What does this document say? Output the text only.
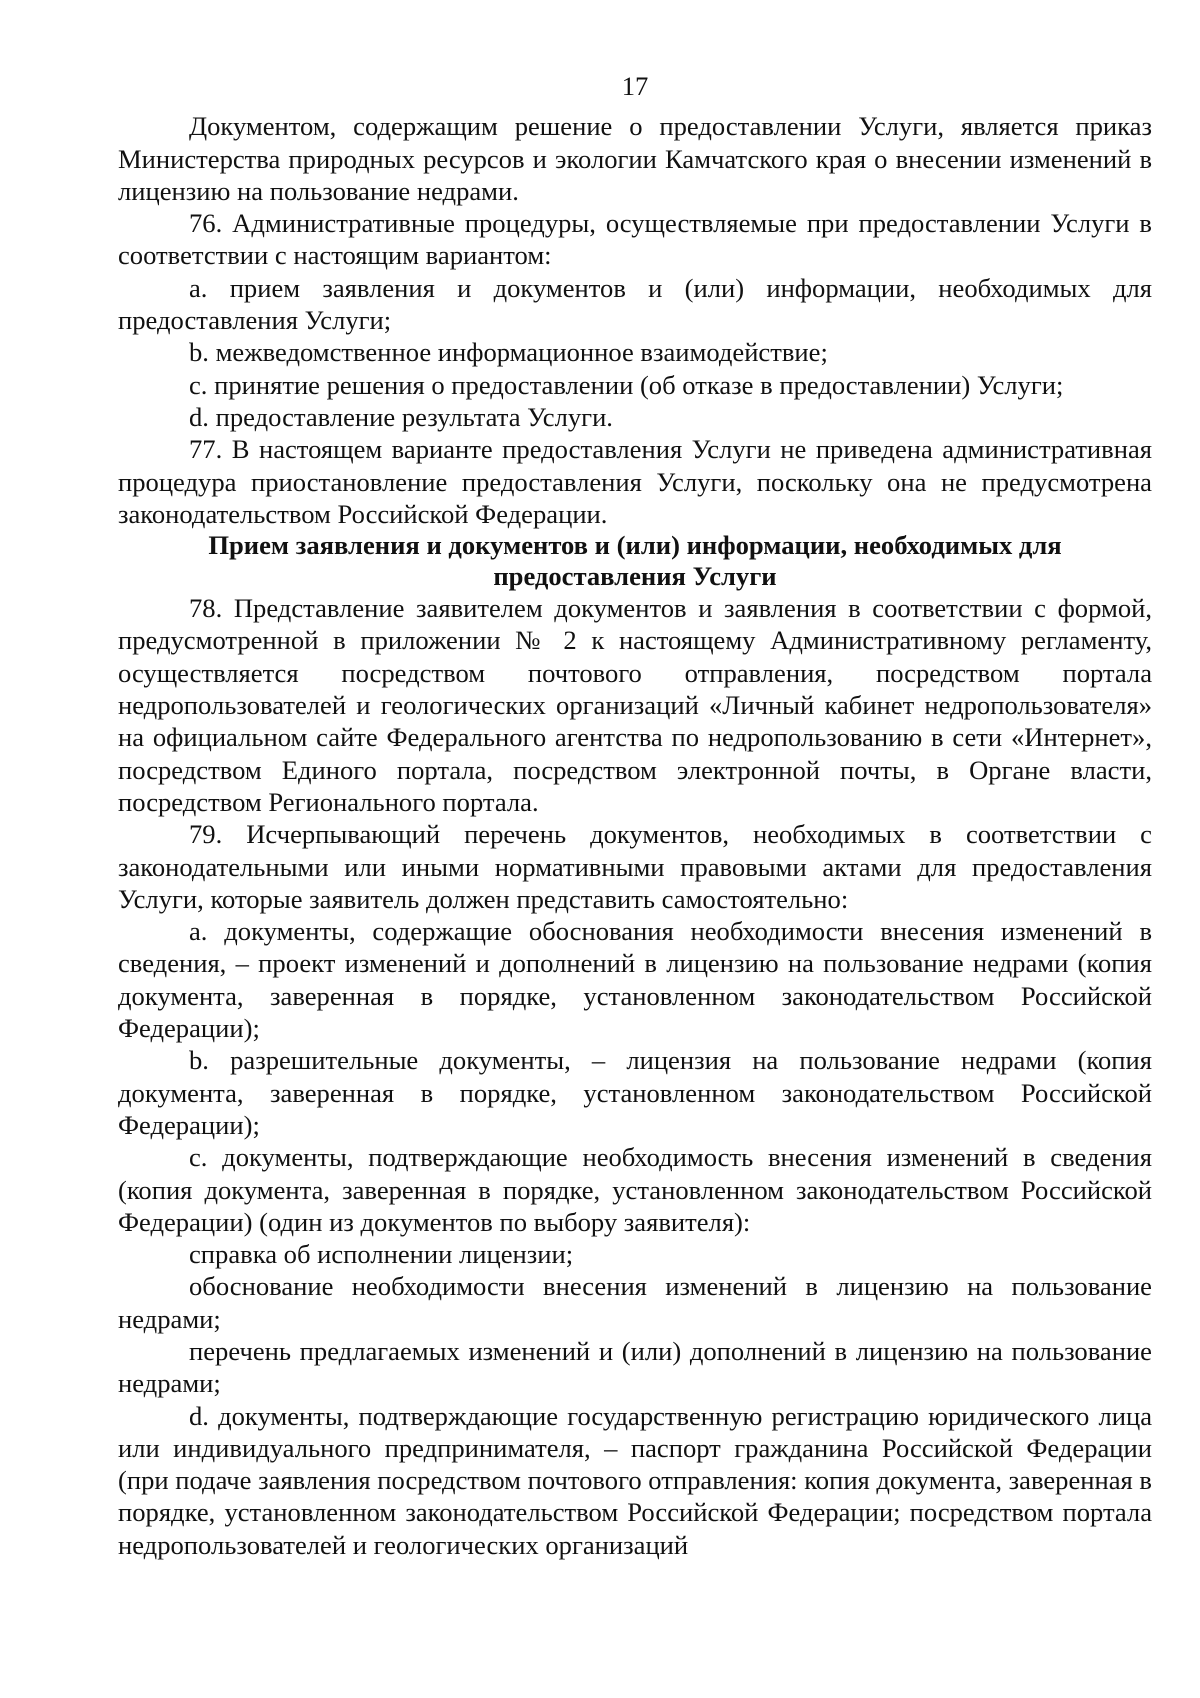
17

Документом, содержащим решение о предоставлении Услуги, является приказ Министерства природных ресурсов и экологии Камчатского края о внесении изменений в лицензию на пользование недрами.

76. Административные процедуры, осуществляемые при предоставлении Услуги в соответствии с настоящим вариантом:

a. прием заявления и документов и (или) информации, необходимых для предоставления Услуги;

b. межведомственное информационное взаимодействие;

c. принятие решения о предоставлении (об отказе в предоставлении) Услуги;

d. предоставление результата Услуги.

77. В настоящем варианте предоставления Услуги не приведена административная процедура приостановление предоставления Услуги, поскольку она не предусмотрена законодательством Российской Федерации.

Прием заявления и документов и (или) информации, необходимых для
предоставления Услуги

78. Представление заявителем документов и заявления в соответствии с формой, предусмотренной в приложении № 2 к настоящему Административному регламенту, осуществляется посредством почтового отправления, посредством портала недропользователей и геологических организаций «Личный кабинет недропользователя» на официальном сайте Федерального агентства по недропользованию в сети «Интернет», посредством Единого портала, посредством электронной почты, в Органе власти, посредством Регионального портала.

79. Исчерпывающий перечень документов, необходимых в соответствии с законодательными или иными нормативными правовыми актами для предоставления Услуги, которые заявитель должен представить самостоятельно:

a. документы, содержащие обоснования необходимости внесения изменений в сведения, – проект изменений и дополнений в лицензию на пользование недрами (копия документа, заверенная в порядке, установленном законодательством Российской Федерации);

b. разрешительные документы, – лицензия на пользование недрами (копия документа, заверенная в порядке, установленном законодательством Российской Федерации);

c. документы, подтверждающие необходимость внесения изменений в сведения (копия документа, заверенная в порядке, установленном законодательством Российской Федерации) (один из документов по выбору заявителя):

справка об исполнении лицензии;

обоснование необходимости внесения изменений в лицензию на пользование недрами;

перечень предлагаемых изменений и (или) дополнений в лицензию на пользование недрами;

d. документы, подтверждающие государственную регистрацию юридического лица или индивидуального предпринимателя, – паспорт гражданина Российской Федерации (при подаче заявления посредством почтового отправления: копия документа, заверенная в порядке, установленном законодательством Российской Федерации; посредством портала недропользователей и геологических организаций
